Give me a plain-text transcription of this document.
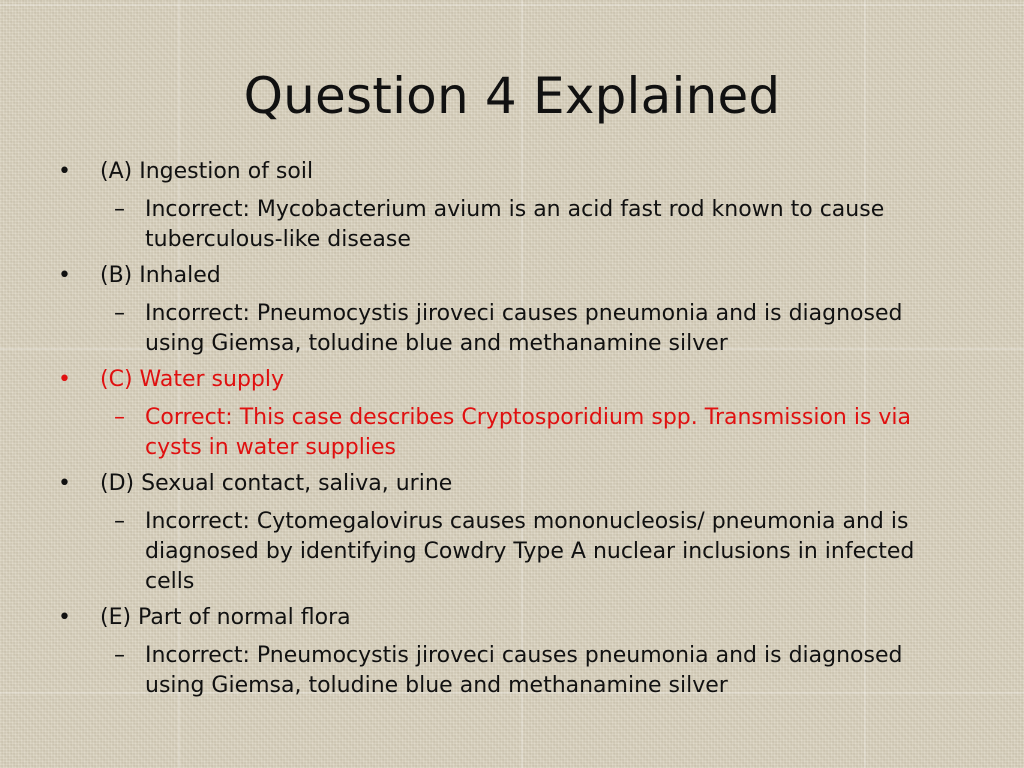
Question 4 Explained
•	(A) Ingestion of soil
– Incorrect: Mycobacterium avium is an acid fast rod known to cause tuberculous-like disease
•	(B) Inhaled
– Incorrect: Pneumocystis jiroveci causes pneumonia and is diagnosed using Giemsa, toludine blue and methanamine silver
•	(C) Water supply
– Correct: This case describes Cryptosporidium spp. Transmission is via cysts in water supplies
•	(D) Sexual contact, saliva, urine
– Incorrect: Cytomegalovirus causes mononucleosis/ pneumonia and is diagnosed by identifying Cowdry Type A nuclear inclusions in infected cells
•	(E) Part of normal flora
– Incorrect: Pneumocystis jiroveci causes pneumonia and is diagnosed using Giemsa, toludine blue and methanamine silver
